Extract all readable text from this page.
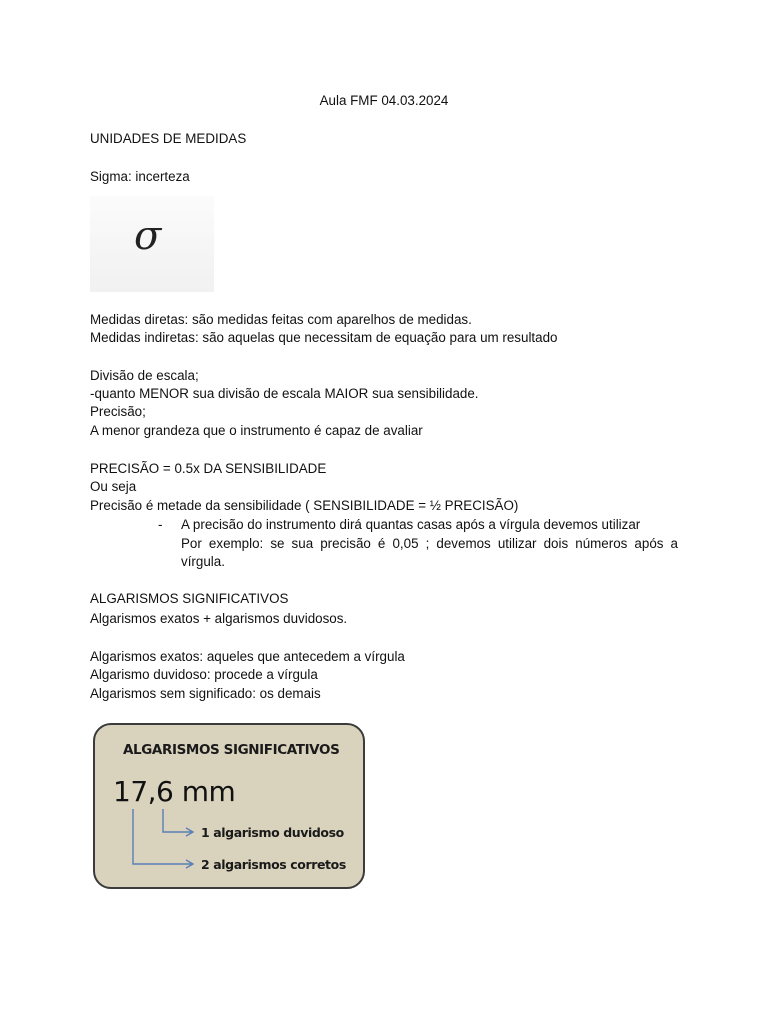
Aula FMF 04.03.2024
UNIDADES DE MEDIDAS
Sigma: incerteza
σ
Medidas diretas: são medidas feitas com aparelhos de medidas.
Medidas indiretas: são aquelas que necessitam de equação para um resultado
Divisão de escala;
-quanto MENOR sua divisão de escala MAIOR sua sensibilidade.
Precisão;
A menor grandeza que o instrumento é capaz de avaliar
PRECISÃO = 0.5x DA SENSIBILIDADE
Ou seja
Precisão é metade da sensibilidade ( SENSIBILIDADE = ½ PRECISÃO)
- A precisão do instrumento dirá quantas casas após a vírgula devemos utilizar
Por exemplo: se sua precisão é 0,05 ; devemos utilizar dois números após a
vírgula.
ALGARISMOS SIGNIFICATIVOS
Algarismos exatos + algarismos duvidosos.
Algarismos exatos: aqueles que antecedem a vírgula
Algarismo duvidoso: procede a vírgula
Algarismos sem significado: os demais
ALGARISMOS SIGNIFICATIVOS
17,6 mm
1 algarismo duvidoso
2 algarismos corretos
